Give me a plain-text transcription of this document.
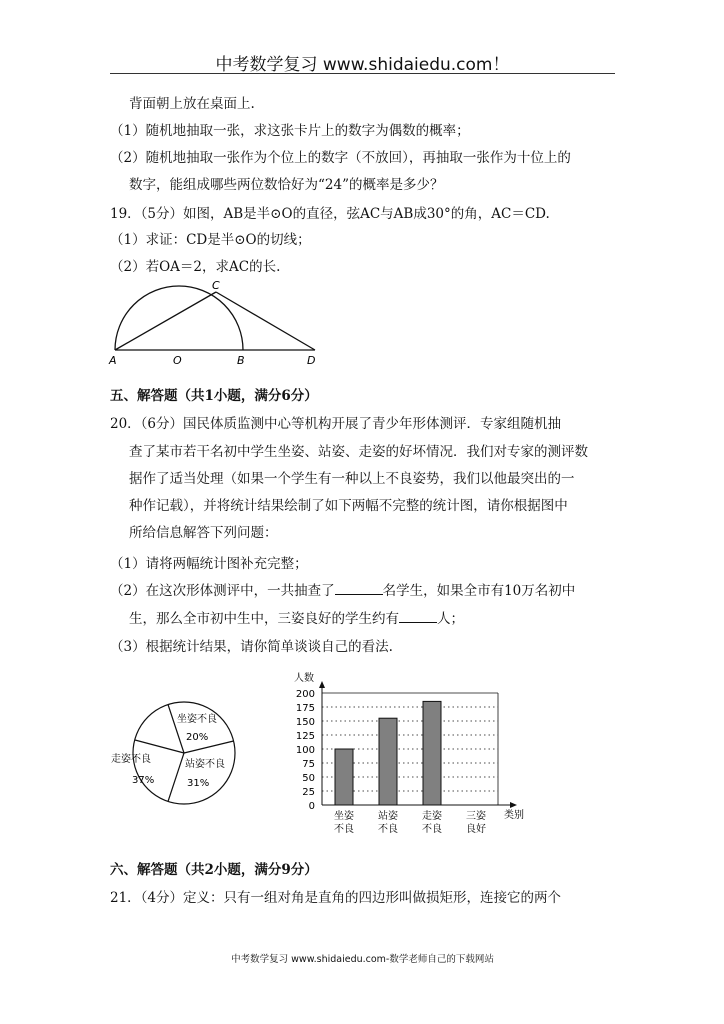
中考数学复习 www.shidaiedu.com！
背面朝上放在桌面上.
（1）随机地抽取一张，求这张卡片上的数字为偶数的概率；
（2）随机地抽取一张作为个位上的数字（不放回），再抽取一张作为十位上的
数字，能组成哪些两位数恰好为“24”的概率是多少？
19．（5分）如图，AB是半⊙O的直径，弦AC与AB成30°的角，AC＝CD.
（1）求证：CD是半⊙O的切线；
（2）若OA＝2，求AC的长.
A	O	B	D
C
五、解答题（共1小题，满分6分）
20．（6分）国民体质监测中心等机构开展了青少年形体测评．专家组随机抽
查了某市若干名初中学生坐姿、站姿、走姿的好坏情况．我们对专家的测评数
据作了适当处理（如果一个学生有一种以上不良姿势，我们以他最突出的一
种作记载），并将统计结果绘制了如下两幅不完整的统计图，请你根据图中
所给信息解答下列问题：
（1）请将两幅统计图补充完整；
（2）在这次形体测评中，一共抽查了	名学生，如果全市有10万名初中
生，那么全市初中生中，三姿良好的学生约有	人；
（3）根据统计结果，请你简单谈谈自己的看法.
坐姿不良
20%
站姿不良
31%
走姿不良
37%
人数
类别
0
25
50
75
100
125
150
175
200
坐姿
不良
站姿
不良
走姿
不良
三姿
良好
六、解答题（共2小题，满分9分）
21．（4分）定义：只有一组对角是直角的四边形叫做损矩形，连接它的两个
中考数学复习 www.shidaiedu.com-数学老师自己的下载网站
